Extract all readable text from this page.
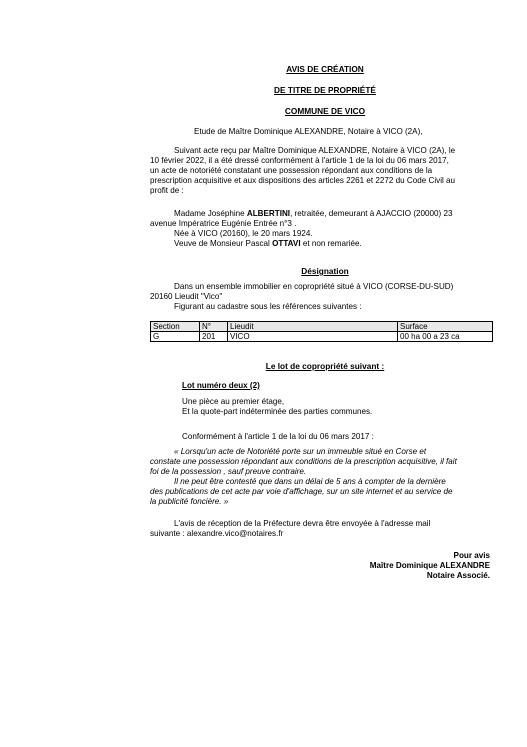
AVIS DE CRÉATION
DE TITRE DE PROPRIÉTÉ
COMMUNE DE VICO
Etude de Maître Dominique ALEXANDRE, Notaire à VICO (2A),
Suivant acte reçu par Maître Dominique ALEXANDRE, Notaire à VICO (2A), le
10 février 2022, il a été dressé conformément à l'article 1 de la loi du 06 mars 2017,
un acte de notoriété constatant une possession répondant aux conditions de la
prescription acquisitive et aux dispositions des articles 2261 et 2272 du Code Civil au
profit de :
Madame Joséphine ALBERTINI, retraitée, demeurant à AJACCIO (20000) 23
avenue Impératrice Eugénie Entrée n°3 .
Née à VICO (20160), le 20 mars 1924.
Veuve de Monsieur Pascal OTTAVI et non remariée.
Désignation
Dans un ensemble immobilier en copropriété situé à VICO (CORSE-DU-SUD)
20160 Lieudit "Vico"
Figurant au cadastre sous les références suivantes :
Section	N°	Lieudit	Surface
G	201	VICO	00 ha 00 a 23 ca
Le lot de copropriété suivant :
Lot numéro deux (2)
Une pièce au premier étage,
Et la quote-part indéterminée des parties communes.
Conformément à l'article 1 de la loi du 06 mars 2017 :
« Lorsqu'un acte de Notoriété porte sur un immeuble situé en Corse et
constate une possession répondant aux conditions de la prescription acquisitive, il fait
foi de la possession , sauf preuve contraire.
Il ne peut être contesté que dans un délai de 5 ans à compter de la dernière
des publications de cet acte par voie d'affichage, sur un site internet et au service de
la publicité foncière. »
L'avis de réception de la Préfecture devra être envoyée à l'adresse mail
suivante : alexandre.vico@notaires.fr
Pour avis
Maître Dominique ALEXANDRE
Notaire Associé.
